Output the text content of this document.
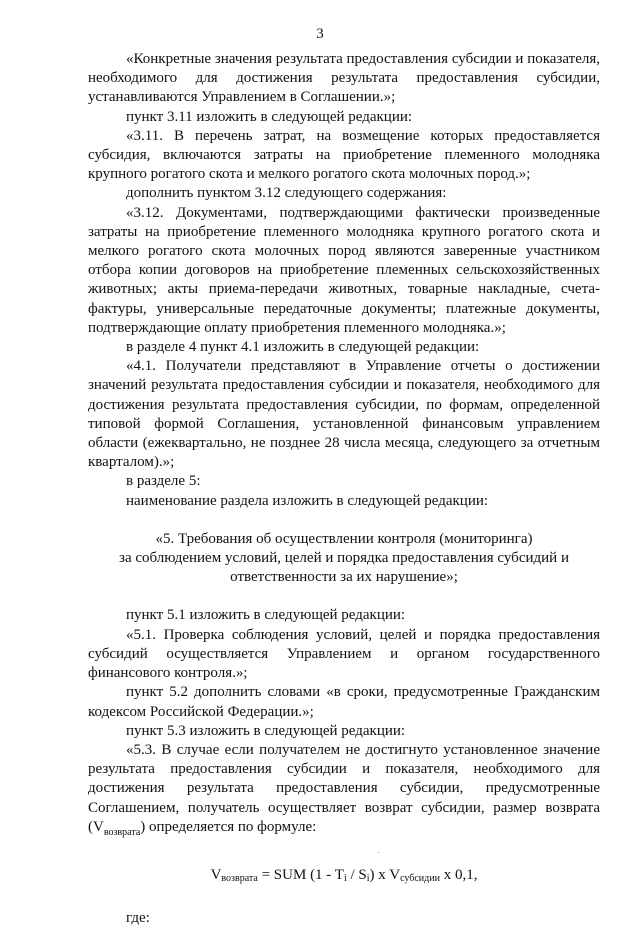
3

«Конкретные значения результата предоставления субсидии и показателя, необходимого для достижения результата предоставления субсидии, устанавливаются Управлением в Соглашении.»;

пункт 3.11 изложить в следующей редакции:

«3.11. В перечень затрат, на возмещение которых предоставляется субсидия, включаются затраты на приобретение племенного молодняка крупного рогатого скота и мелкого рогатого скота молочных пород.»;

дополнить пунктом 3.12 следующего содержания:

«3.12. Документами, подтверждающими фактически произведенные затраты на приобретение племенного молодняка крупного рогатого скота и мелкого рогатого скота молочных пород являются заверенные участником отбора копии договоров на приобретение племенных сельскохозяйственных животных; акты приема-передачи животных, товарные накладные, счета-фактуры, универсальные передаточные документы; платежные документы, подтверждающие оплату приобретения племенного молодняка.»;

в разделе 4 пункт 4.1 изложить в следующей редакции:

«4.1. Получатели представляют в Управление отчеты о достижении значений результата предоставления субсидии и показателя, необходимого для достижения результата предоставления субсидии, по формам, определенной типовой формой Соглашения, установленной финансовым управлением области (ежеквартально, не позднее 28 числа месяца, следующего за отчетным кварталом).»;

в разделе 5:

наименование раздела изложить в следующей редакции:

«5. Требования об осуществлении контроля (мониторинга)
за соблюдением условий, целей и порядка предоставления субсидий и
ответственности за их нарушение»;

пункт 5.1 изложить в следующей редакции:

«5.1. Проверка соблюдения условий, целей и порядка предоставления субсидий осуществляется Управлением и органом государственного финансового контроля.»;

пункт 5.2 дополнить словами «в сроки, предусмотренные Гражданским кодексом Российской Федерации.»;

пункт 5.3 изложить в следующей редакции:

«5.3. В случае если получателем не достигнуто установленное значение результата предоставления субсидии и показателя, необходимого для достижения результата предоставления субсидии, предусмотренные Соглашением, получатель осуществляет возврат субсидии, размер возврата $(V_{возврата})$ определяется по формуле:

$V_{возврата}$ = SUM $(1 - T_i / S_i)$ x $V_{субсидии}$ x 0,1,
где:
